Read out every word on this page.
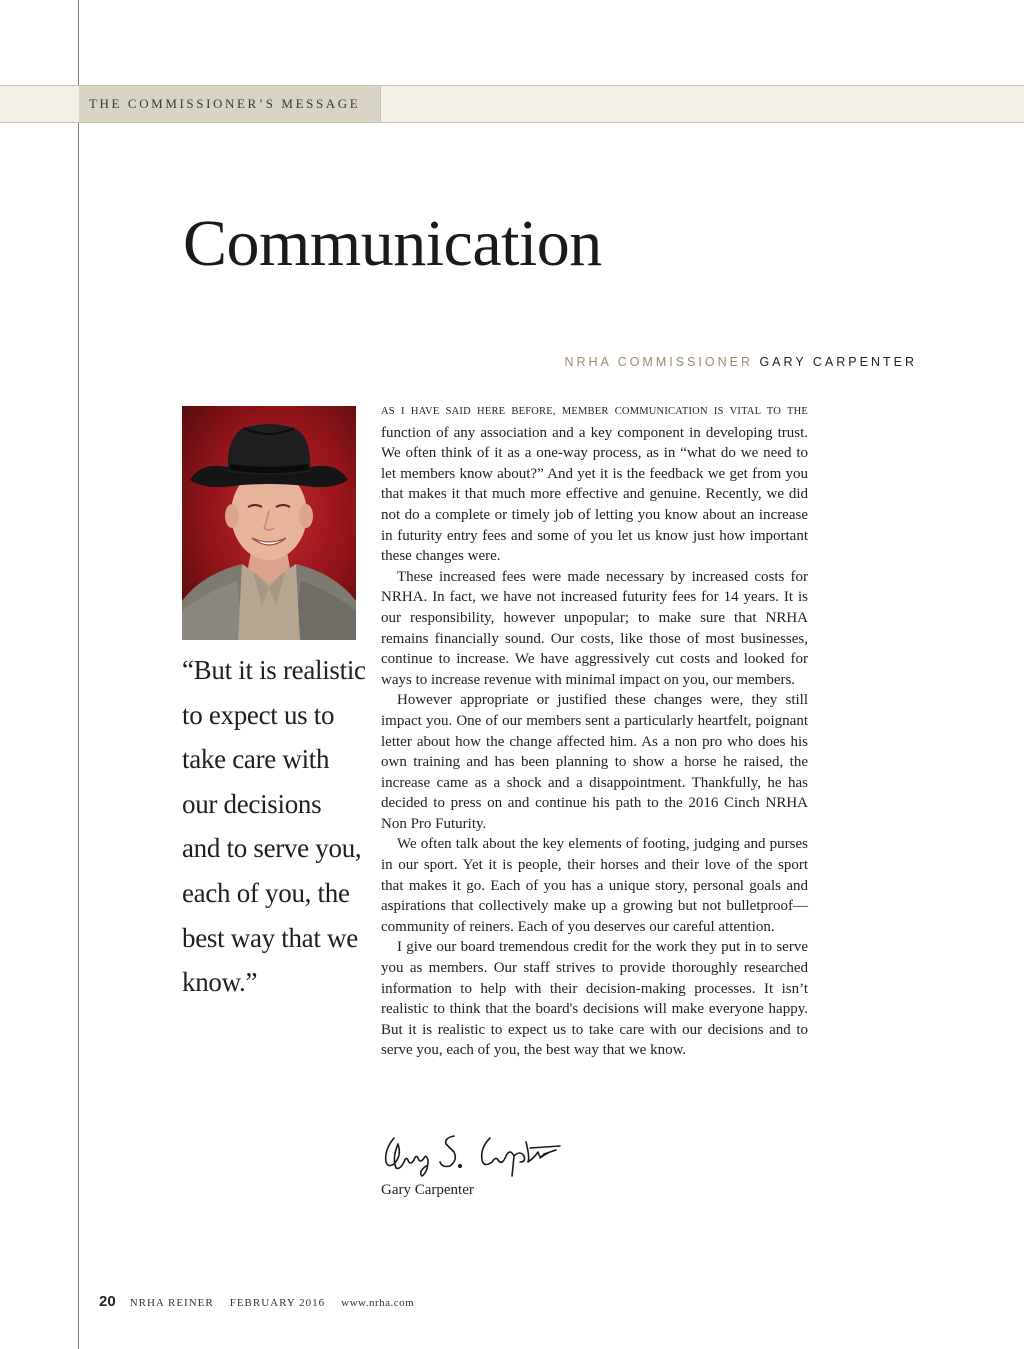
THE COMMISSIONER’S MESSAGE
Communication
NRHA COMMISSIONER GARY CARPENTER
“But it is realistic
to expect us to
take care with
our decisions
and to serve you,
each of you, the
best way that we
know.”

AS I HAVE SAID HERE BEFORE, MEMBER COMMUNICATION IS VITAL TO THE function of any association and a key component in developing trust. We often think of it as a one-way process, as in “what do we need to let members know about?” And yet it is the feedback we get from you that makes it that much more effective and genuine. Recently, we did not do a complete or timely job of letting you know about an increase in futurity entry fees and some of you let us know just how important these changes were.

These increased fees were made necessary by increased costs for NRHA. In fact, we have not increased futurity fees for 14 years. It is our responsibility, however unpopular; to make sure that NRHA remains financially sound. Our costs, like those of most businesses, continue to increase. We have aggressively cut costs and looked for ways to increase revenue with minimal impact on you, our members.

However appropriate or justified these changes were, they still impact you. One of our members sent a particularly heartfelt, poignant letter about how the change affected him. As a non pro who does his own training and has been planning to show a horse he raised, the increase came as a shock and a disappointment. Thankfully, he has decided to press on and continue his path to the 2016 Cinch NRHA Non Pro Futurity.

We often talk about the key elements of footing, judging and purses in our sport. Yet it is people, their horses and their love of the sport that makes it go. Each of you has a unique story, personal goals and aspirations that collectively make up a growing but not bulletproof—community of reiners. Each of you deserves our careful attention.

I give our board tremendous credit for the work they put in to serve you as members. Our staff strives to provide thoroughly researched information to help with their decision-making processes. It isn’t realistic to think that the board's decisions will make everyone happy. But it is realistic to expect us to take care with our decisions and to serve you, each of you, the best way that we know.

Gary Carpenter
20 NRHA REINER FEBRUARY 2016 www.nrha.com
